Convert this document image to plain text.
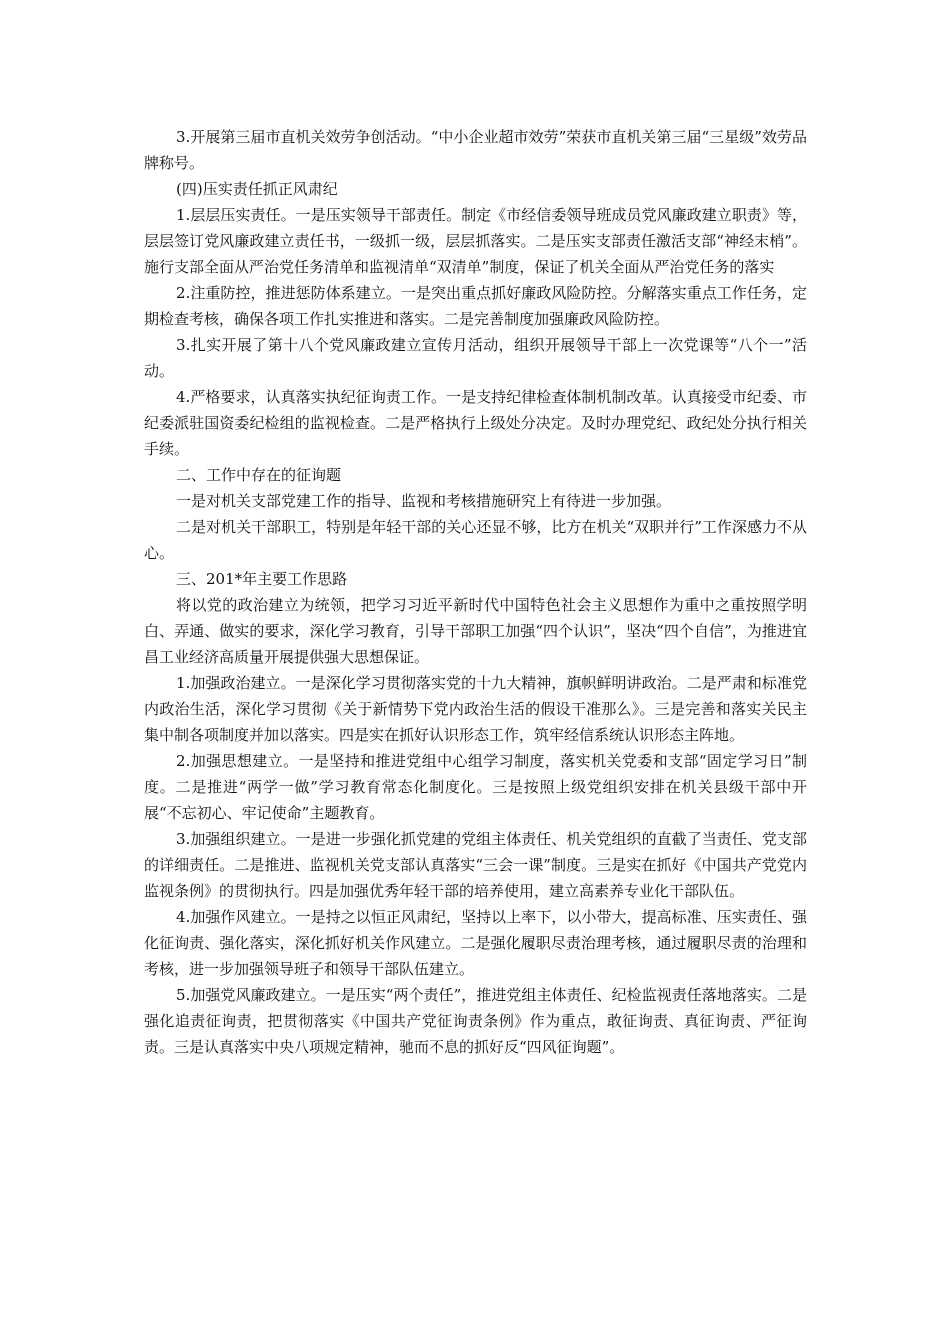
3.开展第三届市直机关效劳争创活动。“中小企业超市效劳”荣获市直机关第三届“三星级”效劳品牌称号。

(四)压实责任抓正风肃纪

1.层层压实责任。一是压实领导干部责任。制定《市经信委领导班成员党风廉政建立职责》等，层层签订党风廉政建立责任书，一级抓一级，层层抓落实。二是压实支部责任激活支部“神经末梢”。施行支部全面从严治党任务清单和监视清单“双清单”制度，保证了机关全面从严治党任务的落实

2.注重防控，推进惩防体系建立。一是突出重点抓好廉政风险防控。分解落实重点工作任务，定期检查考核，确保各项工作扎实推进和落实。二是完善制度加强廉政风险防控。

3.扎实开展了第十八个党风廉政建立宣传月活动，组织开展领导干部上一次党课等“八个一”活动。

4.严格要求，认真落实执纪征询责工作。一是支持纪律检查体制机制改革。认真接受市纪委、市纪委派驻国资委纪检组的监视检查。二是严格执行上级处分决定。及时办理党纪、政纪处分执行相关手续。

二、工作中存在的征询题

一是对机关支部党建工作的指导、监视和考核措施研究上有待进一步加强。

二是对机关干部职工，特别是年轻干部的关心还显不够，比方在机关“双职并行”工作深感力不从心。

三、201*年主要工作思路

将以党的政治建立为统领，把学习习近平新时代中国特色社会主义思想作为重中之重按照学明白、弄通、做实的要求，深化学习教育，引导干部职工加强“四个认识”，坚决“四个自信”，为推进宜昌工业经济高质量开展提供强大思想保证。

1.加强政治建立。一是深化学习贯彻落实党的十九大精神，旗帜鲜明讲政治。二是严肃和标准党内政治生活，深化学习贯彻《关于新情势下党内政治生活的假设干准那么》。三是完善和落实关民主集中制各项制度并加以落实。四是实在抓好认识形态工作，筑牢经信系统认识形态主阵地。

2.加强思想建立。一是坚持和推进党组中心组学习制度，落实机关党委和支部“固定学习日”制度。二是推进“两学一做”学习教育常态化制度化。三是按照上级党组织安排在机关县级干部中开展“不忘初心、牢记使命”主题教育。

3.加强组织建立。一是进一步强化抓党建的党组主体责任、机关党组织的直截了当责任、党支部的详细责任。二是推进、监视机关党支部认真落实“三会一课”制度。三是实在抓好《中国共产党党内监视条例》的贯彻执行。四是加强优秀年轻干部的培养使用，建立高素养专业化干部队伍。

4.加强作风建立。一是持之以恒正风肃纪，坚持以上率下，以小带大，提高标准、压实责任、强化征询责、强化落实，深化抓好机关作风建立。二是强化履职尽责治理考核，通过履职尽责的治理和考核，进一步加强领导班子和领导干部队伍建立。

5.加强党风廉政建立。一是压实“两个责任”，推进党组主体责任、纪检监视责任落地落实。二是强化追责征询责，把贯彻落实《中国共产党征询责条例》作为重点，敢征询责、真征询责、严征询责。三是认真落实中央八项规定精神，驰而不息的抓好反“四风征询题”。
